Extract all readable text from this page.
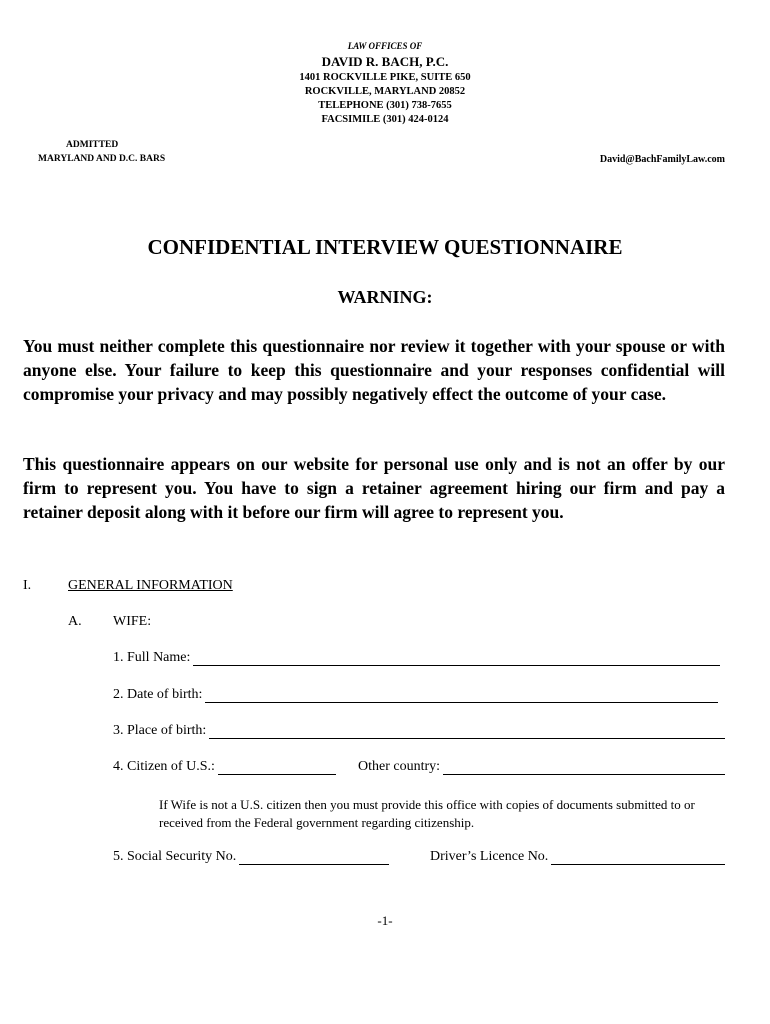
LAW OFFICES OF
DAVID R. BACH, P.C.
1401 ROCKVILLE PIKE, SUITE 650
ROCKVILLE, MARYLAND 20852
TELEPHONE (301) 738-7655
FACSIMILE (301) 424-0124
ADMITTED
MARYLAND AND D.C. BARS	David@BachFamilyLaw.com
CONFIDENTIAL INTERVIEW QUESTIONNAIRE
WARNING:
You must neither complete this questionnaire nor review it together with your spouse or with anyone else. Your failure to keep this questionnaire and your responses confidential will compromise your privacy and may possibly negatively effect the outcome of your case.
This questionnaire appears on our website for personal use only and is not an offer by our firm to represent you. You have to sign a retainer agreement hiring our firm and pay a retainer deposit along with it before our firm will agree to represent you.
I.	GENERAL INFORMATION
A. WIFE:
1. Full Name:
2. Date of birth:
3. Place of birth:
4. Citizen of U.S.:	Other country:
If Wife is not a U.S. citizen then you must provide this office with copies of documents submitted to or received from the Federal government regarding citizenship.
5. Social Security No.	Driver’s Licence No.
-1-
